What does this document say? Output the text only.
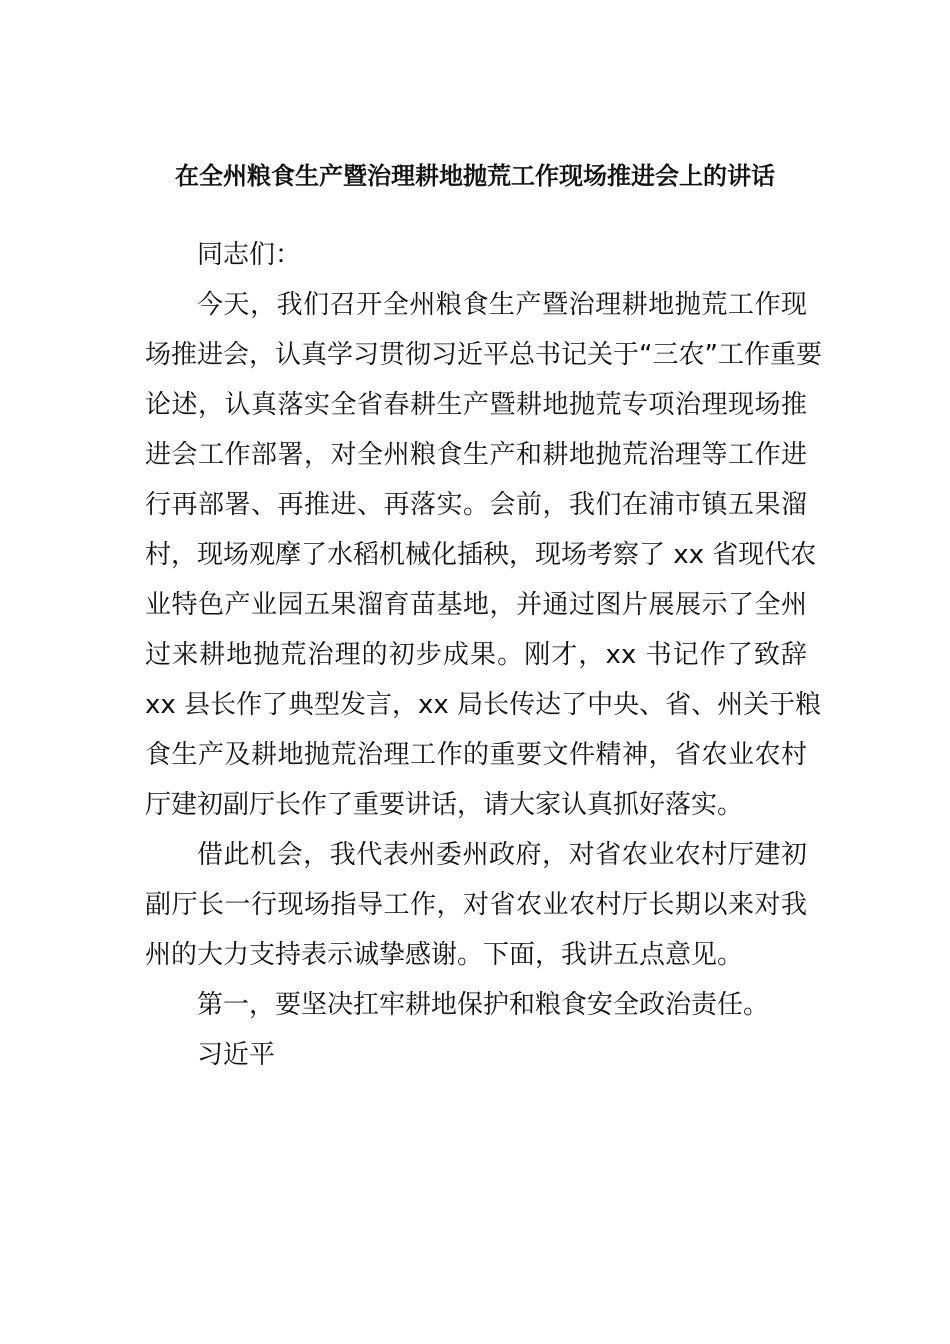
在全州粮食生产暨治理耕地抛荒工作现场推进会上的讲话
同志们：
今天，我们召开全州粮食生产暨治理耕地抛荒工作现
场推进会，认真学习贯彻习近平总书记关于“三农”工作重要
论述，认真落实全省春耕生产暨耕地抛荒专项治理现场推
进会工作部署，对全州粮食生产和耕地抛荒治理等工作进
行再部署、再推进、再落实。会前，我们在浦市镇五果溜
村，现场观摩了水稻机械化插秧，现场考察了 xx 省现代农
业特色产业园五果溜育苗基地，并通过图片展展示了全州
过来耕地抛荒治理的初步成果。刚才，xx 书记作了致辞
xx 县长作了典型发言，xx 局长传达了中央、省、州关于粮
食生产及耕地抛荒治理工作的重要文件精神，省农业农村
厅建初副厅长作了重要讲话，请大家认真抓好落实。
借此机会，我代表州委州政府，对省农业农村厅建初
副厅长一行现场指导工作，对省农业农村厅长期以来对我
州的大力支持表示诚挚感谢。下面，我讲五点意见。
第一，要坚决扛牢耕地保护和粮食安全政治责任。
习近平
